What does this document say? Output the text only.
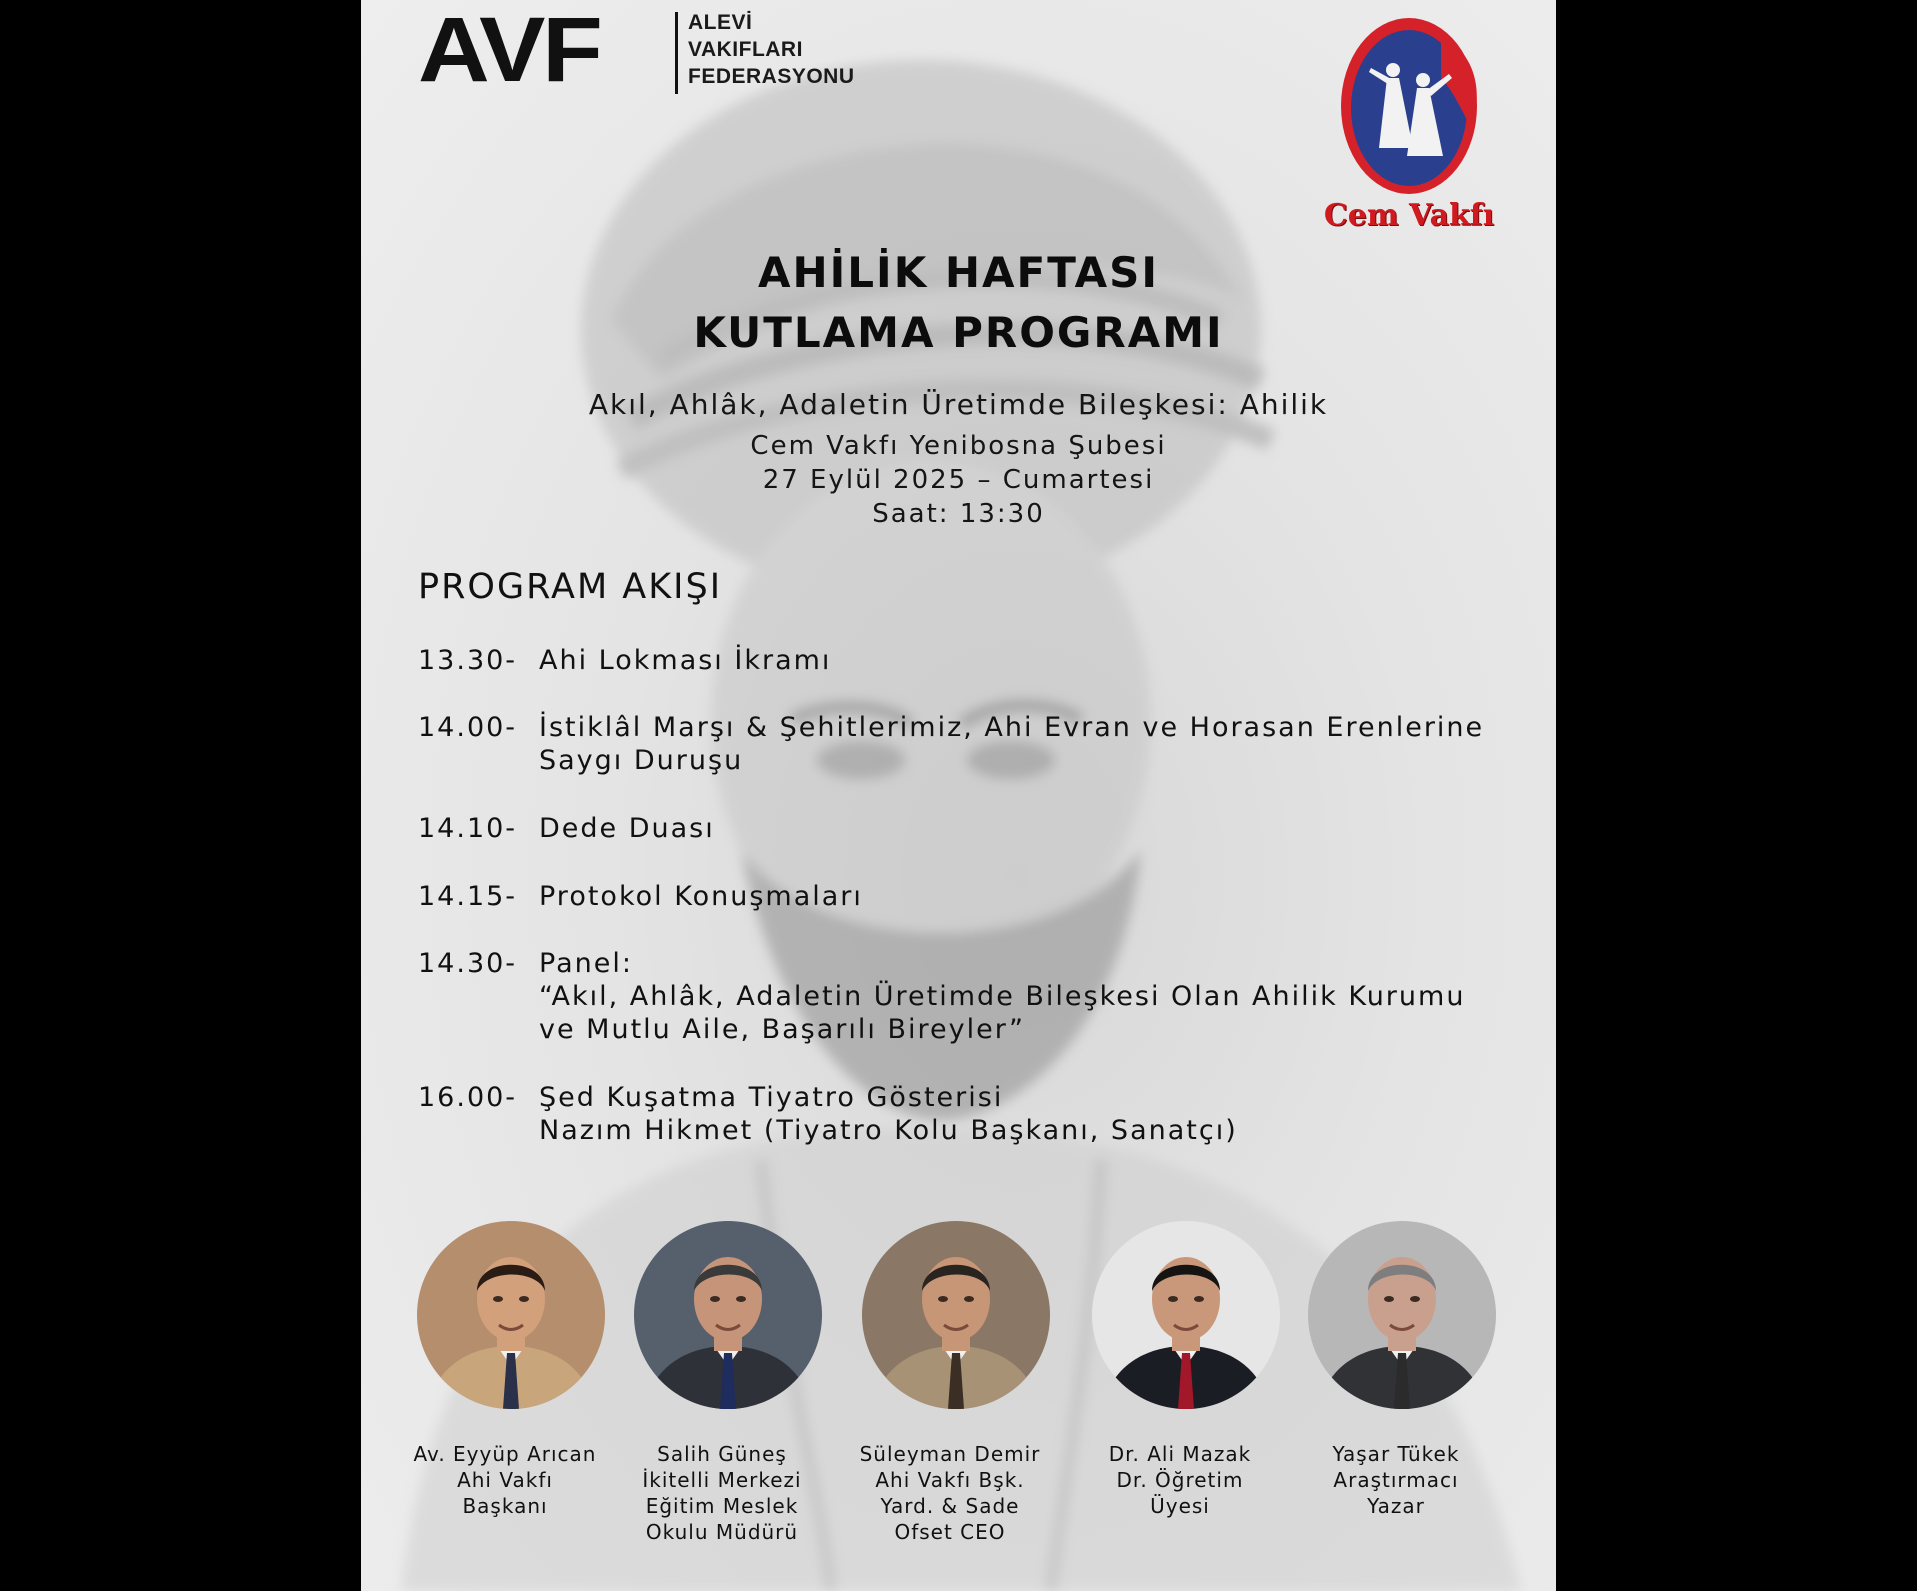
AVF	ALEVİ
VAKIFLARI
FEDERASYONU
Cem Vakfı
AHİLİK HAFTASI
KUTLAMA PROGRAMI
Akıl, Ahlâk, Adaletin Üretimde Bileşkesi: Ahilik
Cem Vakfı Yenibosna Şubesi
27 Eylül 2025 – Cumartesi
Saat: 13:30
PROGRAM AKIŞI
13.30- Ahi Lokması İkramı
14.00- İstiklâl Marşı & Şehitlerimiz, Ahi Evran ve Horasan Erenlerine
Saygı Duruşu
14.10- Dede Duası
14.15- Protokol Konuşmaları
14.30- Panel:
“Akıl, Ahlâk, Adaletin Üretimde Bileşkesi Olan Ahilik Kurumu
ve Mutlu Aile, Başarılı Bireyler”
16.00- Şed Kuşatma Tiyatro Gösterisi
Nazım Hikmet (Tiyatro Kolu Başkanı, Sanatçı)
Av. Eyyüp Arıcan
Ahi Vakfı
Başkanı
Salih Güneş
İkitelli Merkezi
Eğitim Meslek
Okulu Müdürü
Süleyman Demir
Ahi Vakfı Bşk.
Yard. & Sade
Ofset CEO
Dr. Ali Mazak
Dr. Öğretim
Üyesi
Yaşar Tükek
Araştırmacı
Yazar
